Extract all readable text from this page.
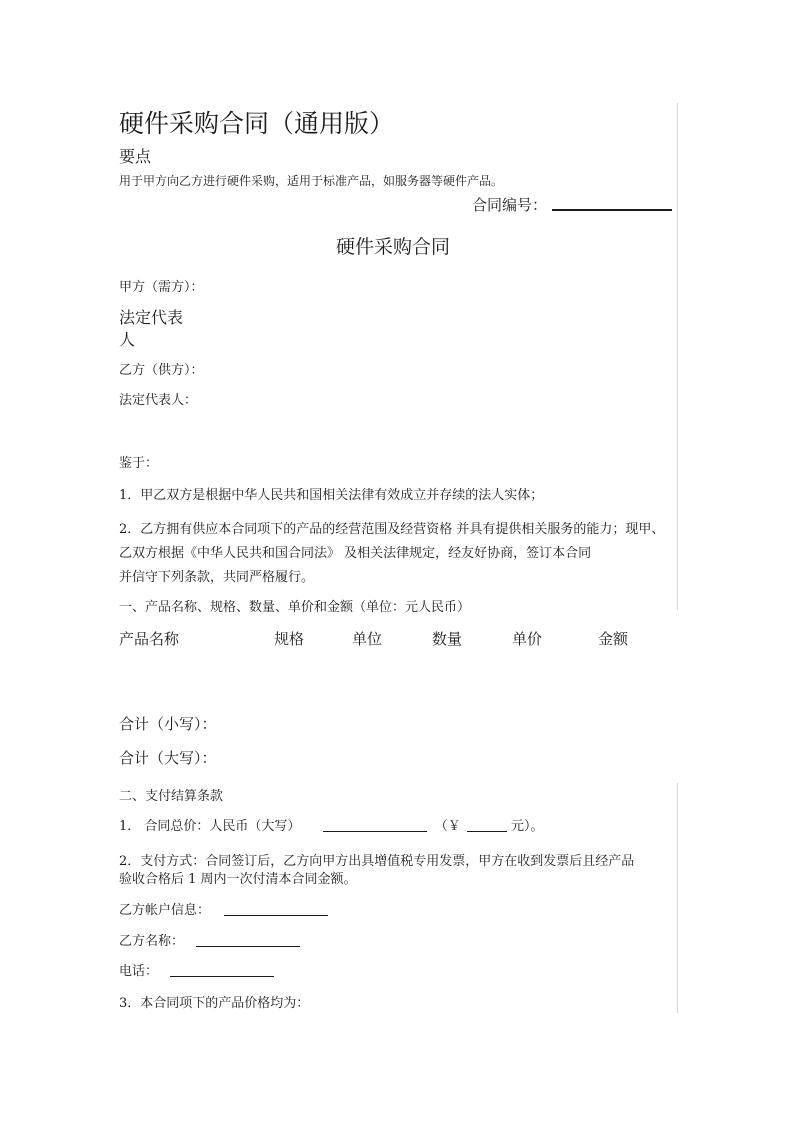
硬件采购合同（通用版）
要点
用于甲方向乙方进行硬件采购，适用于标准产品，如服务器等硬件产品。
合同编号：
硬件采购合同
甲方（需方）：
法定代表
人
乙方（供方）：
法定代表人：
鉴于：
1．甲乙双方是根据中华人民共和国相关法律有效成立并存续的法人实体；
2．乙方拥有供应本合同项下的产品的经营范围及经营资格 并具有提供相关服务的能力；现甲、
乙双方根据《中华人民共和国合同法》 及相关法律规定，经友好协商，签订本合同
并信守下列条款，共同严格履行。
一、产品名称、规格、数量、单价和金额（单位：元人民币）
产品名称	规格	单位	数量	单价	金额
合计（小写）：
合计（大写）：
二、支付结算条款
1． 合同总价：人民币（大写）	（￥	元）。
2．支付方式：合同签订后，乙方向甲方出具增值税专用发票，甲方在收到发票后且经产品
验收合格后 1 周内一次付清本合同金额。
乙方帐户信息：
乙方名称：
电话：
3．本合同项下的产品价格均为：
